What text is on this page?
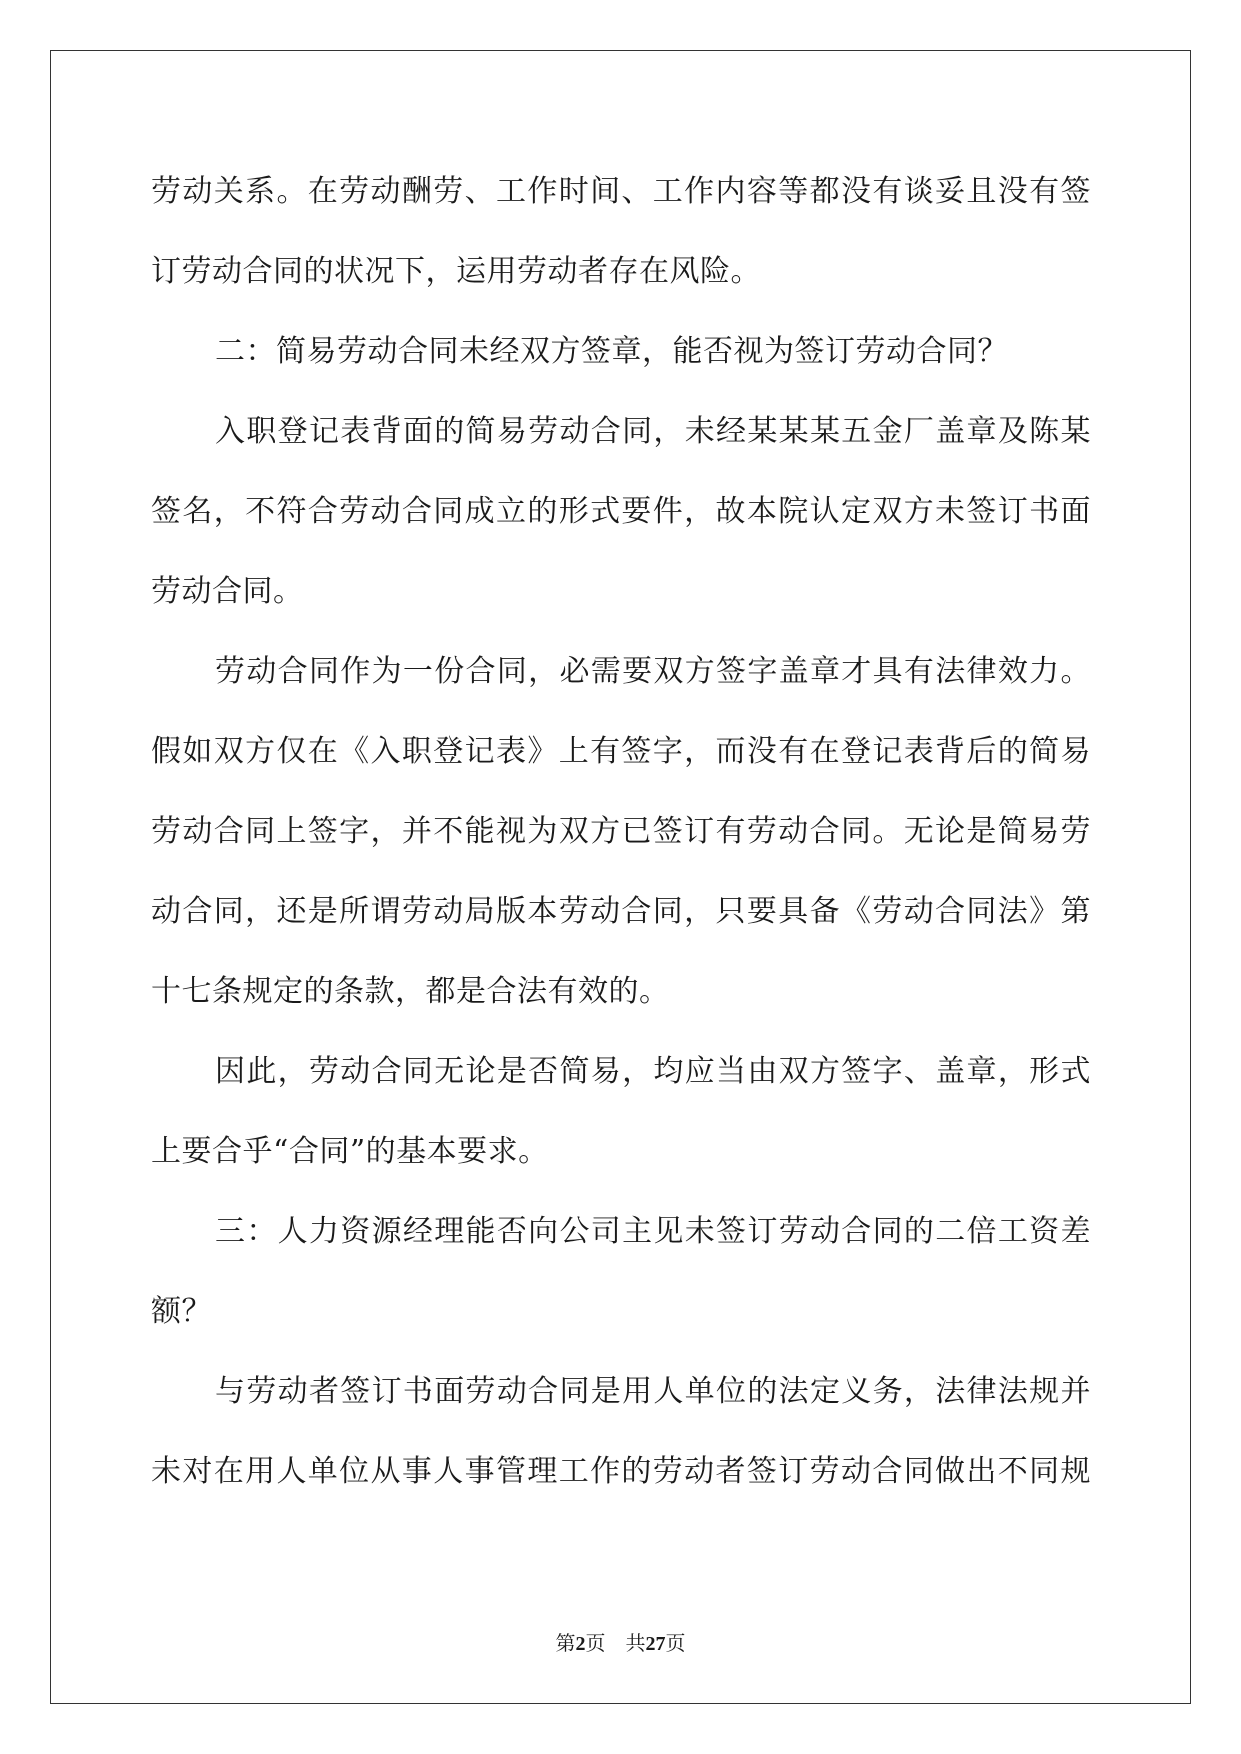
劳动关系。在劳动酬劳、工作时间、工作内容等都没有谈妥且没有签
订劳动合同的状况下，运用劳动者存在风险。
二：简易劳动合同未经双方签章，能否视为签订劳动合同？
入职登记表背面的简易劳动合同，未经某某某五金厂盖章及陈某
签名，不符合劳动合同成立的形式要件，故本院认定双方未签订书面
劳动合同。
劳动合同作为一份合同，必需要双方签字盖章才具有法律效力。
假如双方仅在《入职登记表》上有签字，而没有在登记表背后的简易
劳动合同上签字，并不能视为双方已签订有劳动合同。无论是简易劳
动合同，还是所谓劳动局版本劳动合同，只要具备《劳动合同法》第
十七条规定的条款，都是合法有效的。
因此，劳动合同无论是否简易，均应当由双方签字、盖章，形式
上要合乎“合同”的基本要求。
三：人力资源经理能否向公司主见未签订劳动合同的二倍工资差
额？
与劳动者签订书面劳动合同是用人单位的法定义务，法律法规并
未对在用人单位从事人事管理工作的劳动者签订劳动合同做出不同规
第2页 共27页
